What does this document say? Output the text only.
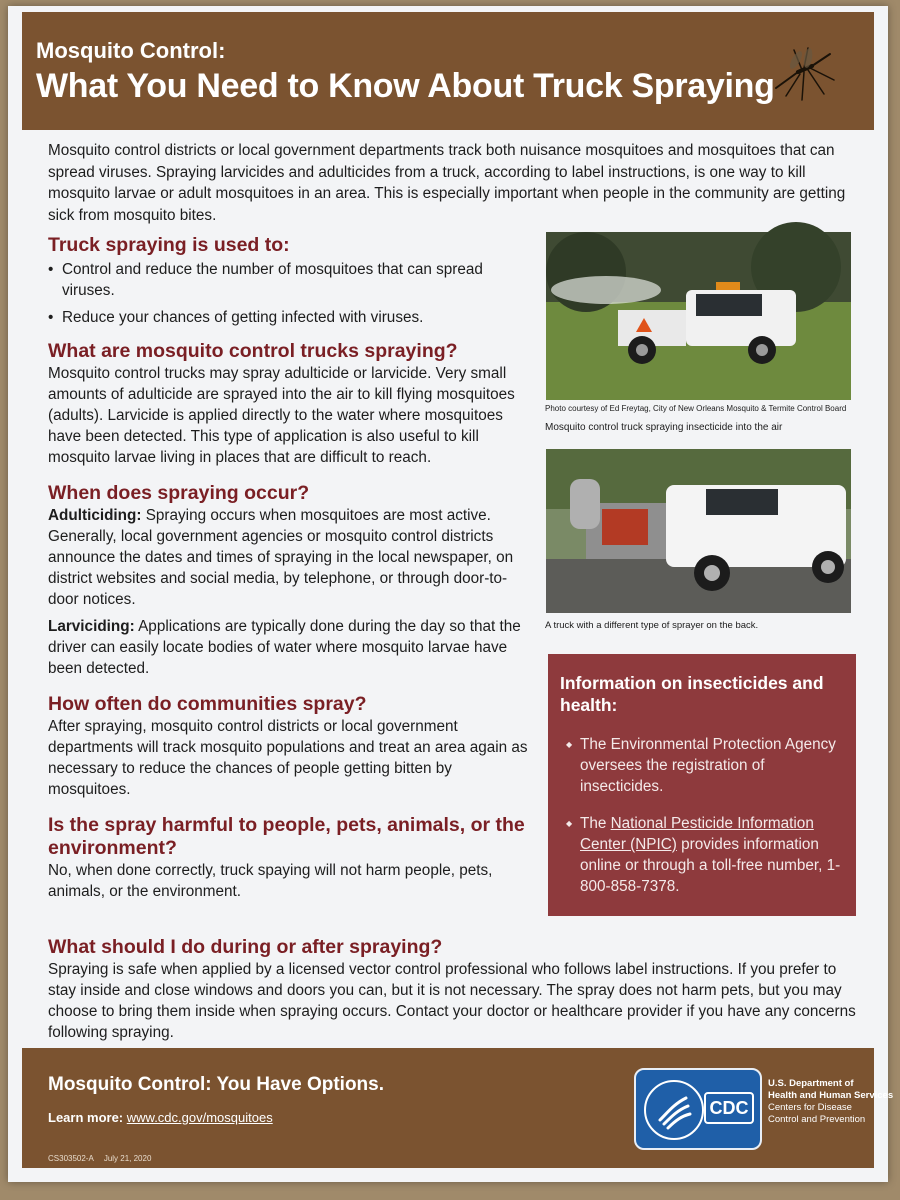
Mosquito Control:
What You Need to Know About Truck Spraying

Mosquito control districts or local government departments track both nuisance mosquitoes and mosquitoes that can spread viruses. Spraying larvicides and adulticides from a truck, according to label instructions, is one way to kill mosquito larvae or adult mosquitoes in an area. This is especially important when people in the community are getting sick from mosquito bites.

Truck spraying is used to:
• Control and reduce the number of mosquitoes that can spread viruses.
• Reduce your chances of getting infected with viruses.
What are mosquito control trucks spraying?

Mosquito control trucks may spray adulticide or larvicide. Very small amounts of adulticide are sprayed into the air to kill flying mosquitoes (adults). Larvicide is applied directly to the water where mosquitoes have been detected. This type of application is also useful to kill mosquito larvae living in places that are difficult to reach.

When does spraying occur?

Adulticiding: Spraying occurs when mosquitoes are most active. Generally, local government agencies or mosquito control districts announce the dates and times of spraying in the local newspaper, on district websites and social media, by telephone, or through door-to-door notices.

Larviciding: Applications are typically done during the day so that the driver can easily locate bodies of water where mosquito larvae have been detected.

How often do communities spray?

After spraying, mosquito control districts or local government departments will track mosquito populations and treat an area again as necessary to reduce the chances of people getting bitten by mosquitoes.

Is the spray harmful to people, pets, animals, or the environment?

No, when done correctly, truck spaying will not harm people, pets, animals, or the environment.

Photo courtesy of Ed Freytag, City of New Orleans Mosquito & Termite Control Board
Mosquito control truck spraying insecticide into the air
A truck with a different type of sprayer on the back.
Information on insecticides and health:
◆ The Environmental Protection Agency oversees the registration of insecticides.
◆ The National Pesticide Information Center (NPIC) provides information online or through a toll-free number, 1-800-858-7378.
What should I do during or after spraying?

Spraying is safe when applied by a licensed vector control professional who follows label instructions. If you prefer to stay inside and close windows and doors you can, but it is not necessary. The spray does not harm pets, but you may choose to bring them inside when spraying occurs. Contact your doctor or healthcare provider if you have any concerns following spraying.

Mosquito Control: You Have Options.
Learn more: www.cdc.gov/mosquitoes
CS303502-A July 21, 2020
CDC
U.S. Department of
Health and Human Services
Centers for Disease
Control and Prevention
